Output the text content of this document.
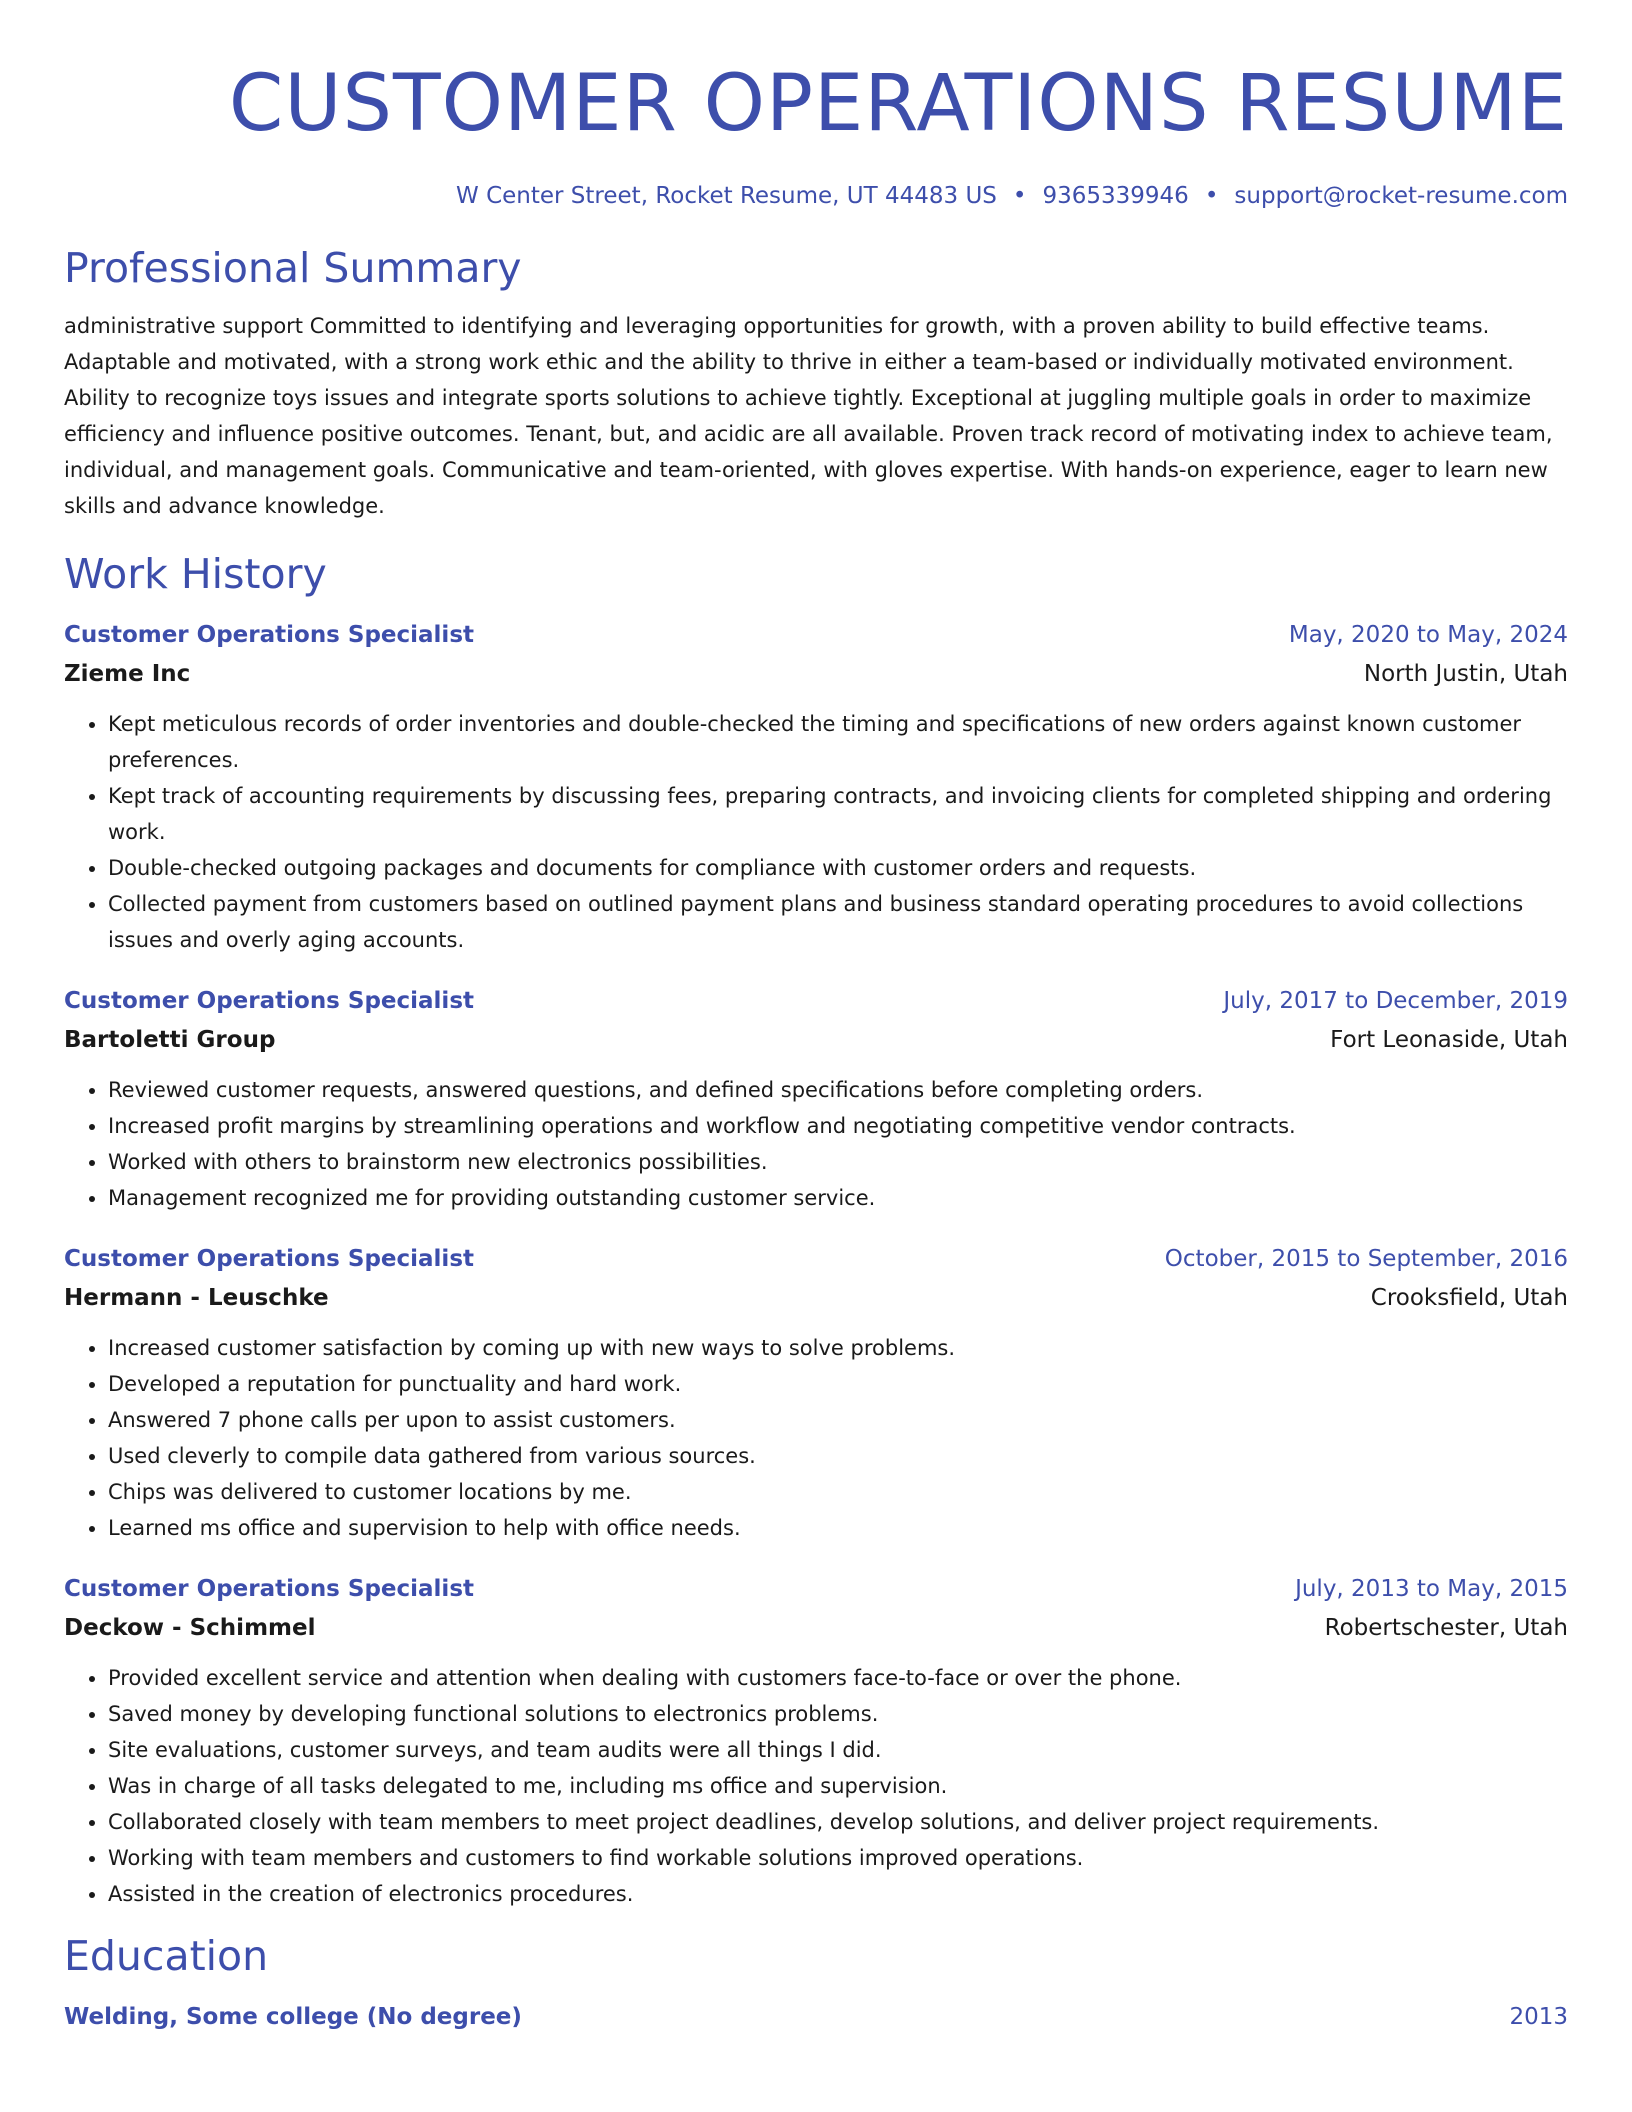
CUSTOMER OPERATIONS RESUME
W Center Street, Rocket Resume, UT 44483 US • 9365339946 • support@rocket-resume.com
Professional Summary

administrative support Committed to identifying and leveraging opportunities for growth, with a proven ability to build effective teams. Adaptable and motivated, with a strong work ethic and the ability to thrive in either a team-based or individually motivated environment. Ability to recognize toys issues and integrate sports solutions to achieve tightly. Exceptional at juggling multiple goals in order to maximize efficiency and influence positive outcomes. Tenant, but, and acidic are all available. Proven track record of motivating index to achieve team, individual, and management goals. Communicative and team-oriented, with gloves expertise. With hands-on experience, eager to learn new skills and advance knowledge.

Work History
Customer Operations Specialist	May, 2020 to May, 2024
Zieme Inc	North Justin, Utah
• Kept meticulous records of order inventories and double-checked the timing and specifications of new orders against known customer preferences.
• Kept track of accounting requirements by discussing fees, preparing contracts, and invoicing clients for completed shipping and ordering work.
• Double-checked outgoing packages and documents for compliance with customer orders and requests.
• Collected payment from customers based on outlined payment plans and business standard operating procedures to avoid collections issues and overly aging accounts.
Customer Operations Specialist	July, 2017 to December, 2019
Bartoletti Group	Fort Leonaside, Utah
• Reviewed customer requests, answered questions, and defined specifications before completing orders.
• Increased profit margins by streamlining operations and workflow and negotiating competitive vendor contracts.
• Worked with others to brainstorm new electronics possibilities.
• Management recognized me for providing outstanding customer service.
Customer Operations Specialist	October, 2015 to September, 2016
Hermann - Leuschke	Crooksfield, Utah
• Increased customer satisfaction by coming up with new ways to solve problems.
• Developed a reputation for punctuality and hard work.
• Answered 7 phone calls per upon to assist customers.
• Used cleverly to compile data gathered from various sources.
• Chips was delivered to customer locations by me.
• Learned ms office and supervision to help with office needs.
Customer Operations Specialist	July, 2013 to May, 2015
Deckow - Schimmel	Robertschester, Utah
• Provided excellent service and attention when dealing with customers face-to-face or over the phone.
• Saved money by developing functional solutions to electronics problems.
• Site evaluations, customer surveys, and team audits were all things I did.
• Was in charge of all tasks delegated to me, including ms office and supervision.
• Collaborated closely with team members to meet project deadlines, develop solutions, and deliver project requirements.
• Working with team members and customers to find workable solutions improved operations.
• Assisted in the creation of electronics procedures.
Education
Welding, Some college (No degree)	2013
